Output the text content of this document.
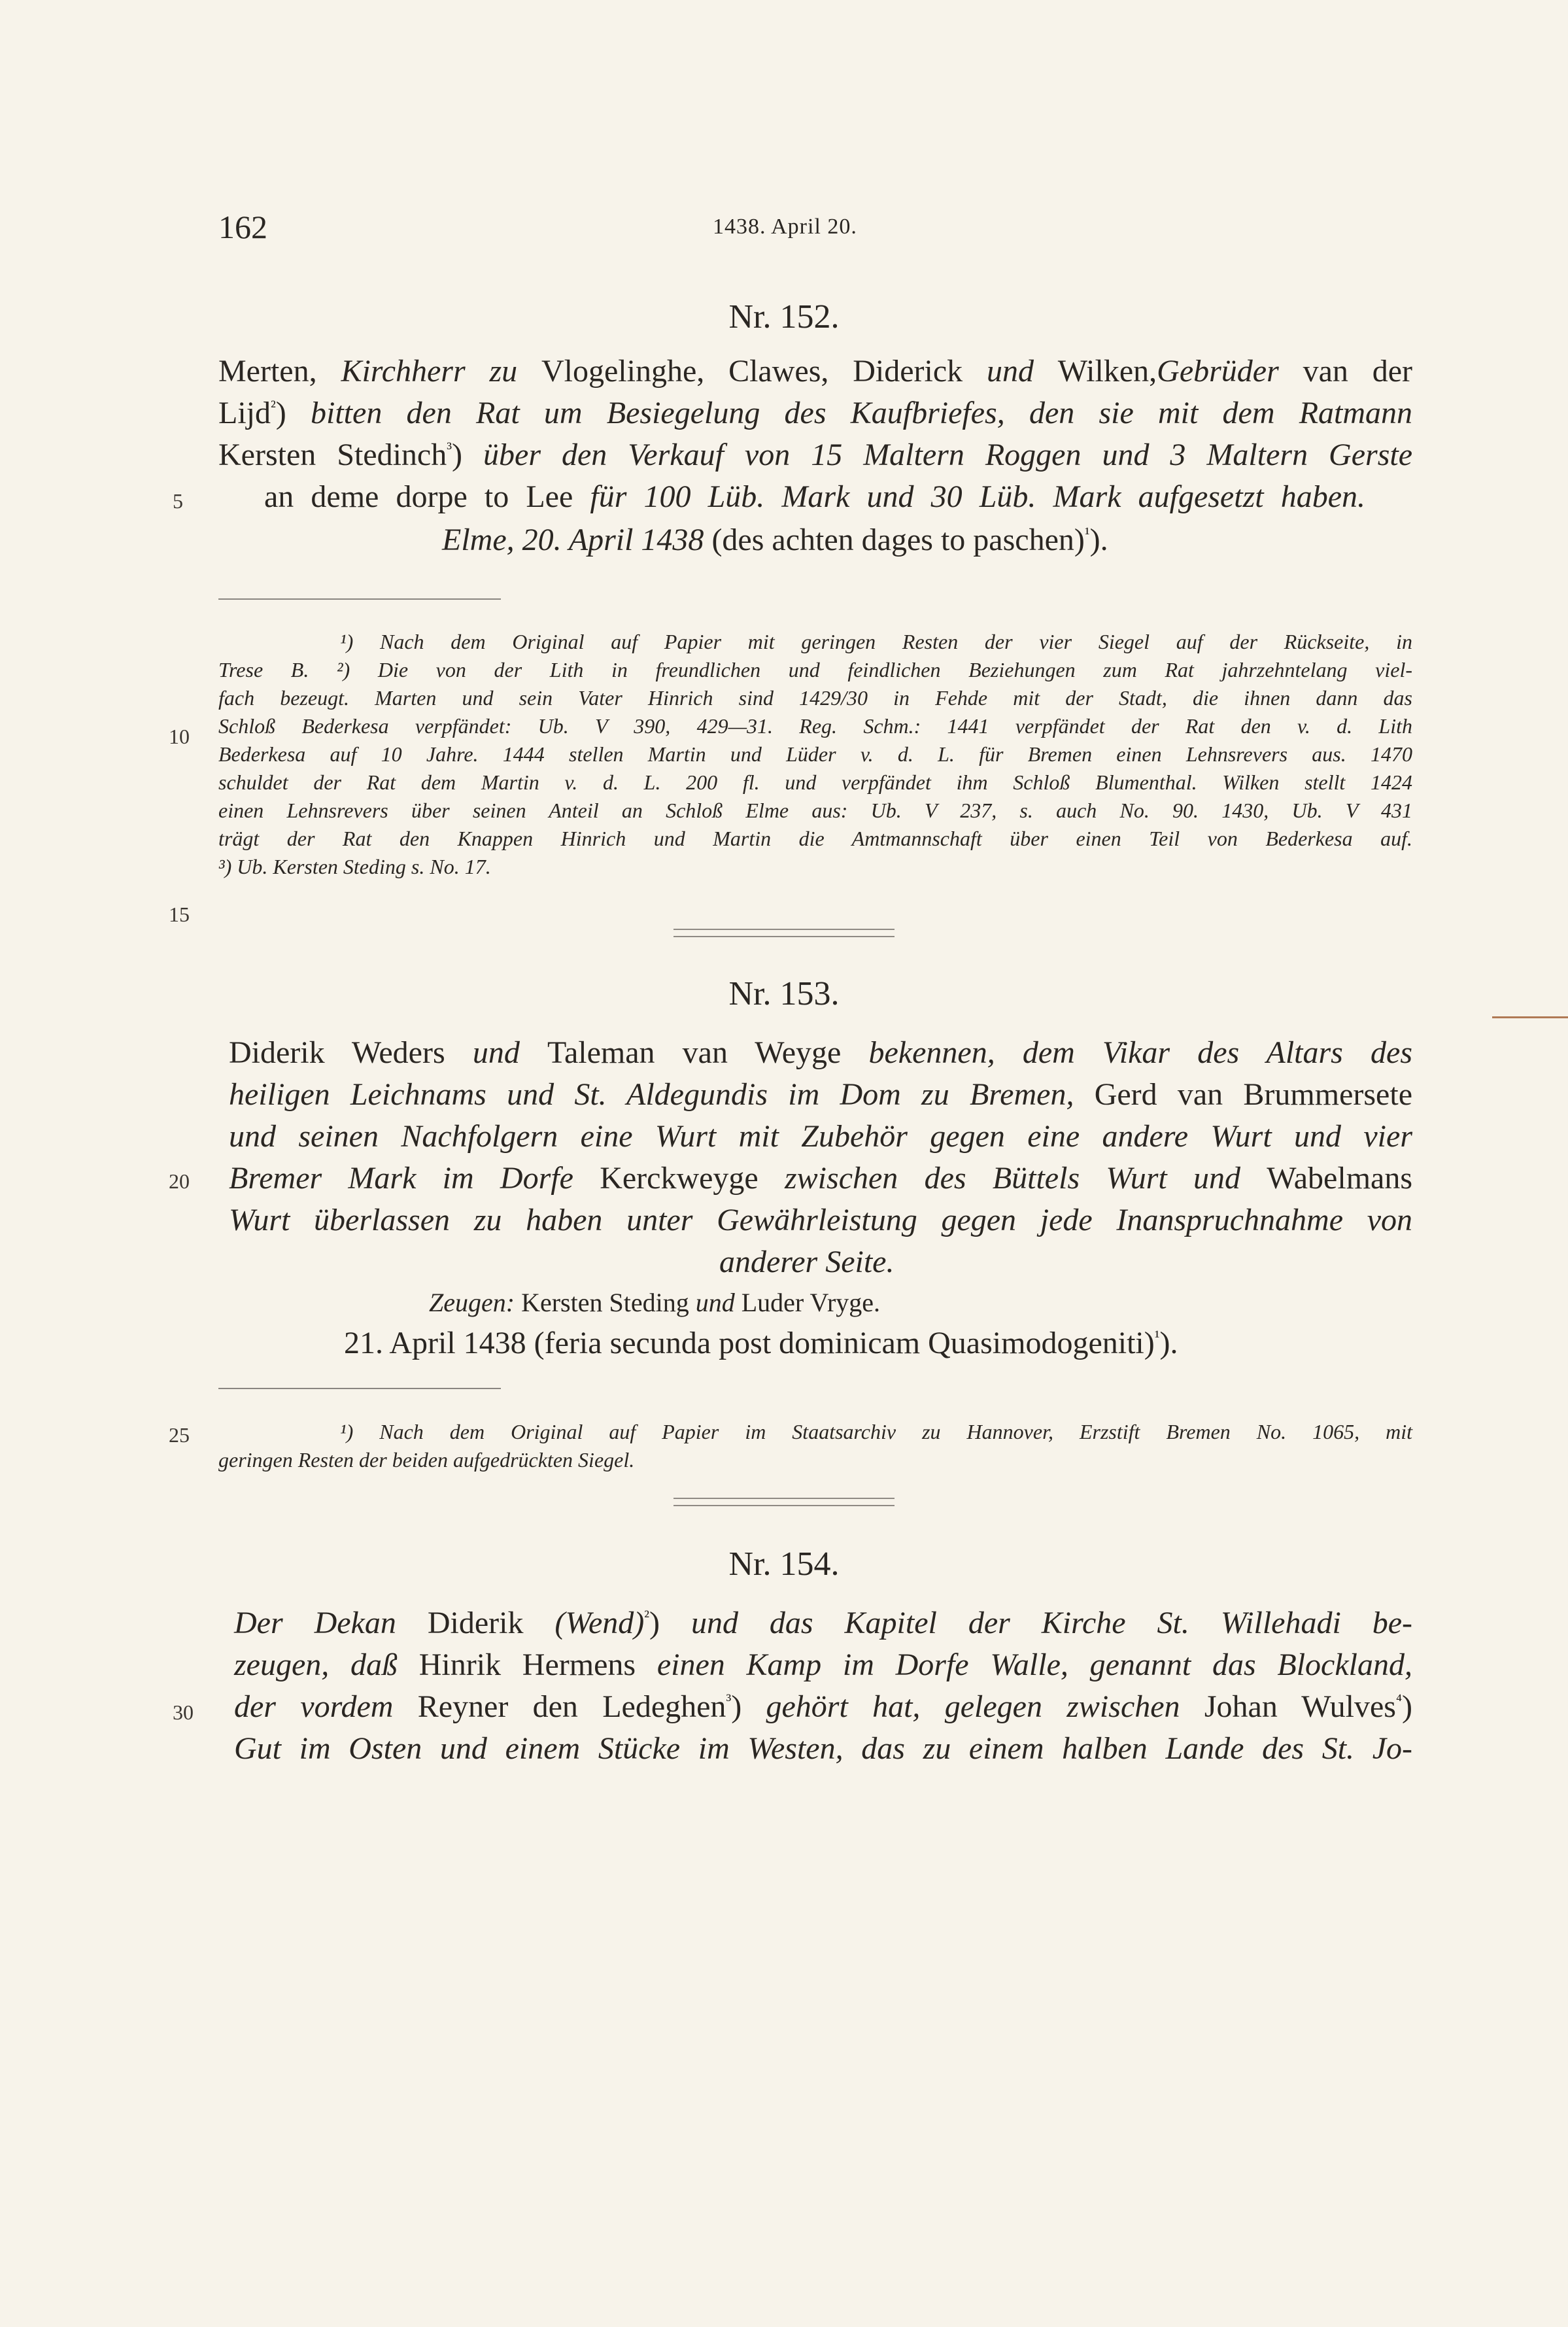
162	1438. April 20.
Nr. 152.
Merten, Kirchherr zu Vlogelinghe, Clawes, Diderick und Wilken,Gebrüder van der
Lijd$^{^2}$) bitten den Rat um Besiegelung des Kaufbriefes, den sie mit dem Ratmann
Kersten Stedinch$^{^3}$) über den Verkauf von 15 Maltern Roggen und 3 Maltern Gerste
an deme dorpe to Lee für 100 Lüb. Mark und 30 Lüb. Mark aufgesetzt haben.
Elme, 20. April 1438 (des achten dages to paschen)$^{^1}$).
5
¹) Nach dem Original auf Papier mit geringen Resten der vier Siegel auf der Rückseite, in
Trese B. ²) Die von der Lith in freundlichen und feindlichen Beziehungen zum Rat jahrzehntelang viel-
fach bezeugt. Marten und sein Vater Hinrich sind 1429/30 in Fehde mit der Stadt, die ihnen dann das
Schloß Bederkesa verpfändet: Ub. V 390, 429—31. Reg. Schm.: 1441 verpfändet der Rat den v. d. Lith
Bederkesa auf 10 Jahre. 1444 stellen Martin und Lüder v. d. L. für Bremen einen Lehnsrevers aus. 1470
schuldet der Rat dem Martin v. d. L. 200 fl. und verpfändet ihm Schloß Blumenthal. Wilken stellt 1424
einen Lehnsrevers über seinen Anteil an Schloß Elme aus: Ub. V 237, s. auch No. 90. 1430, Ub. V 431
trägt der Rat den Knappen Hinrich und Martin die Amtmannschaft über einen Teil von Bederkesa auf.
³) Ub. Kersten Steding s. No. 17.
10
15
Nr. 153.
Diderik Weders und Taleman van Weyge bekennen, dem Vikar des Altars des
heiligen Leichnams und St. Aldegundis im Dom zu Bremen, Gerd van Brummersete
und seinen Nachfolgern eine Wurt mit Zubehör gegen eine andere Wurt und vier
Bremer Mark im Dorfe Kerckweyge zwischen des Büttels Wurt und Wabelmans
Wurt überlassen zu haben unter Gewährleistung gegen jede Inanspruchnahme von
anderer Seite.
Zeugen: Kersten Steding und Luder Vryge.
21. April 1438 (feria secunda post dominicam Quasimodogeniti)$^{^1}$).
20
¹) Nach dem Original auf Papier im Staatsarchiv zu Hannover, Erzstift Bremen No. 1065, mit
geringen Resten der beiden aufgedrückten Siegel.
25
Nr. 154.
Der Dekan Diderik (Wend)$^{^2}$) und das Kapitel der Kirche St. Willehadi be-
zeugen, daß Hinrik Hermens einen Kamp im Dorfe Walle, genannt das Blockland,
der vordem Reyner den Ledeghen$^{^3}$) gehört hat, gelegen zwischen Johan Wulves$^{^4}$)
Gut im Osten und einem Stücke im Westen, das zu einem halben Lande des St. Jo-
30
